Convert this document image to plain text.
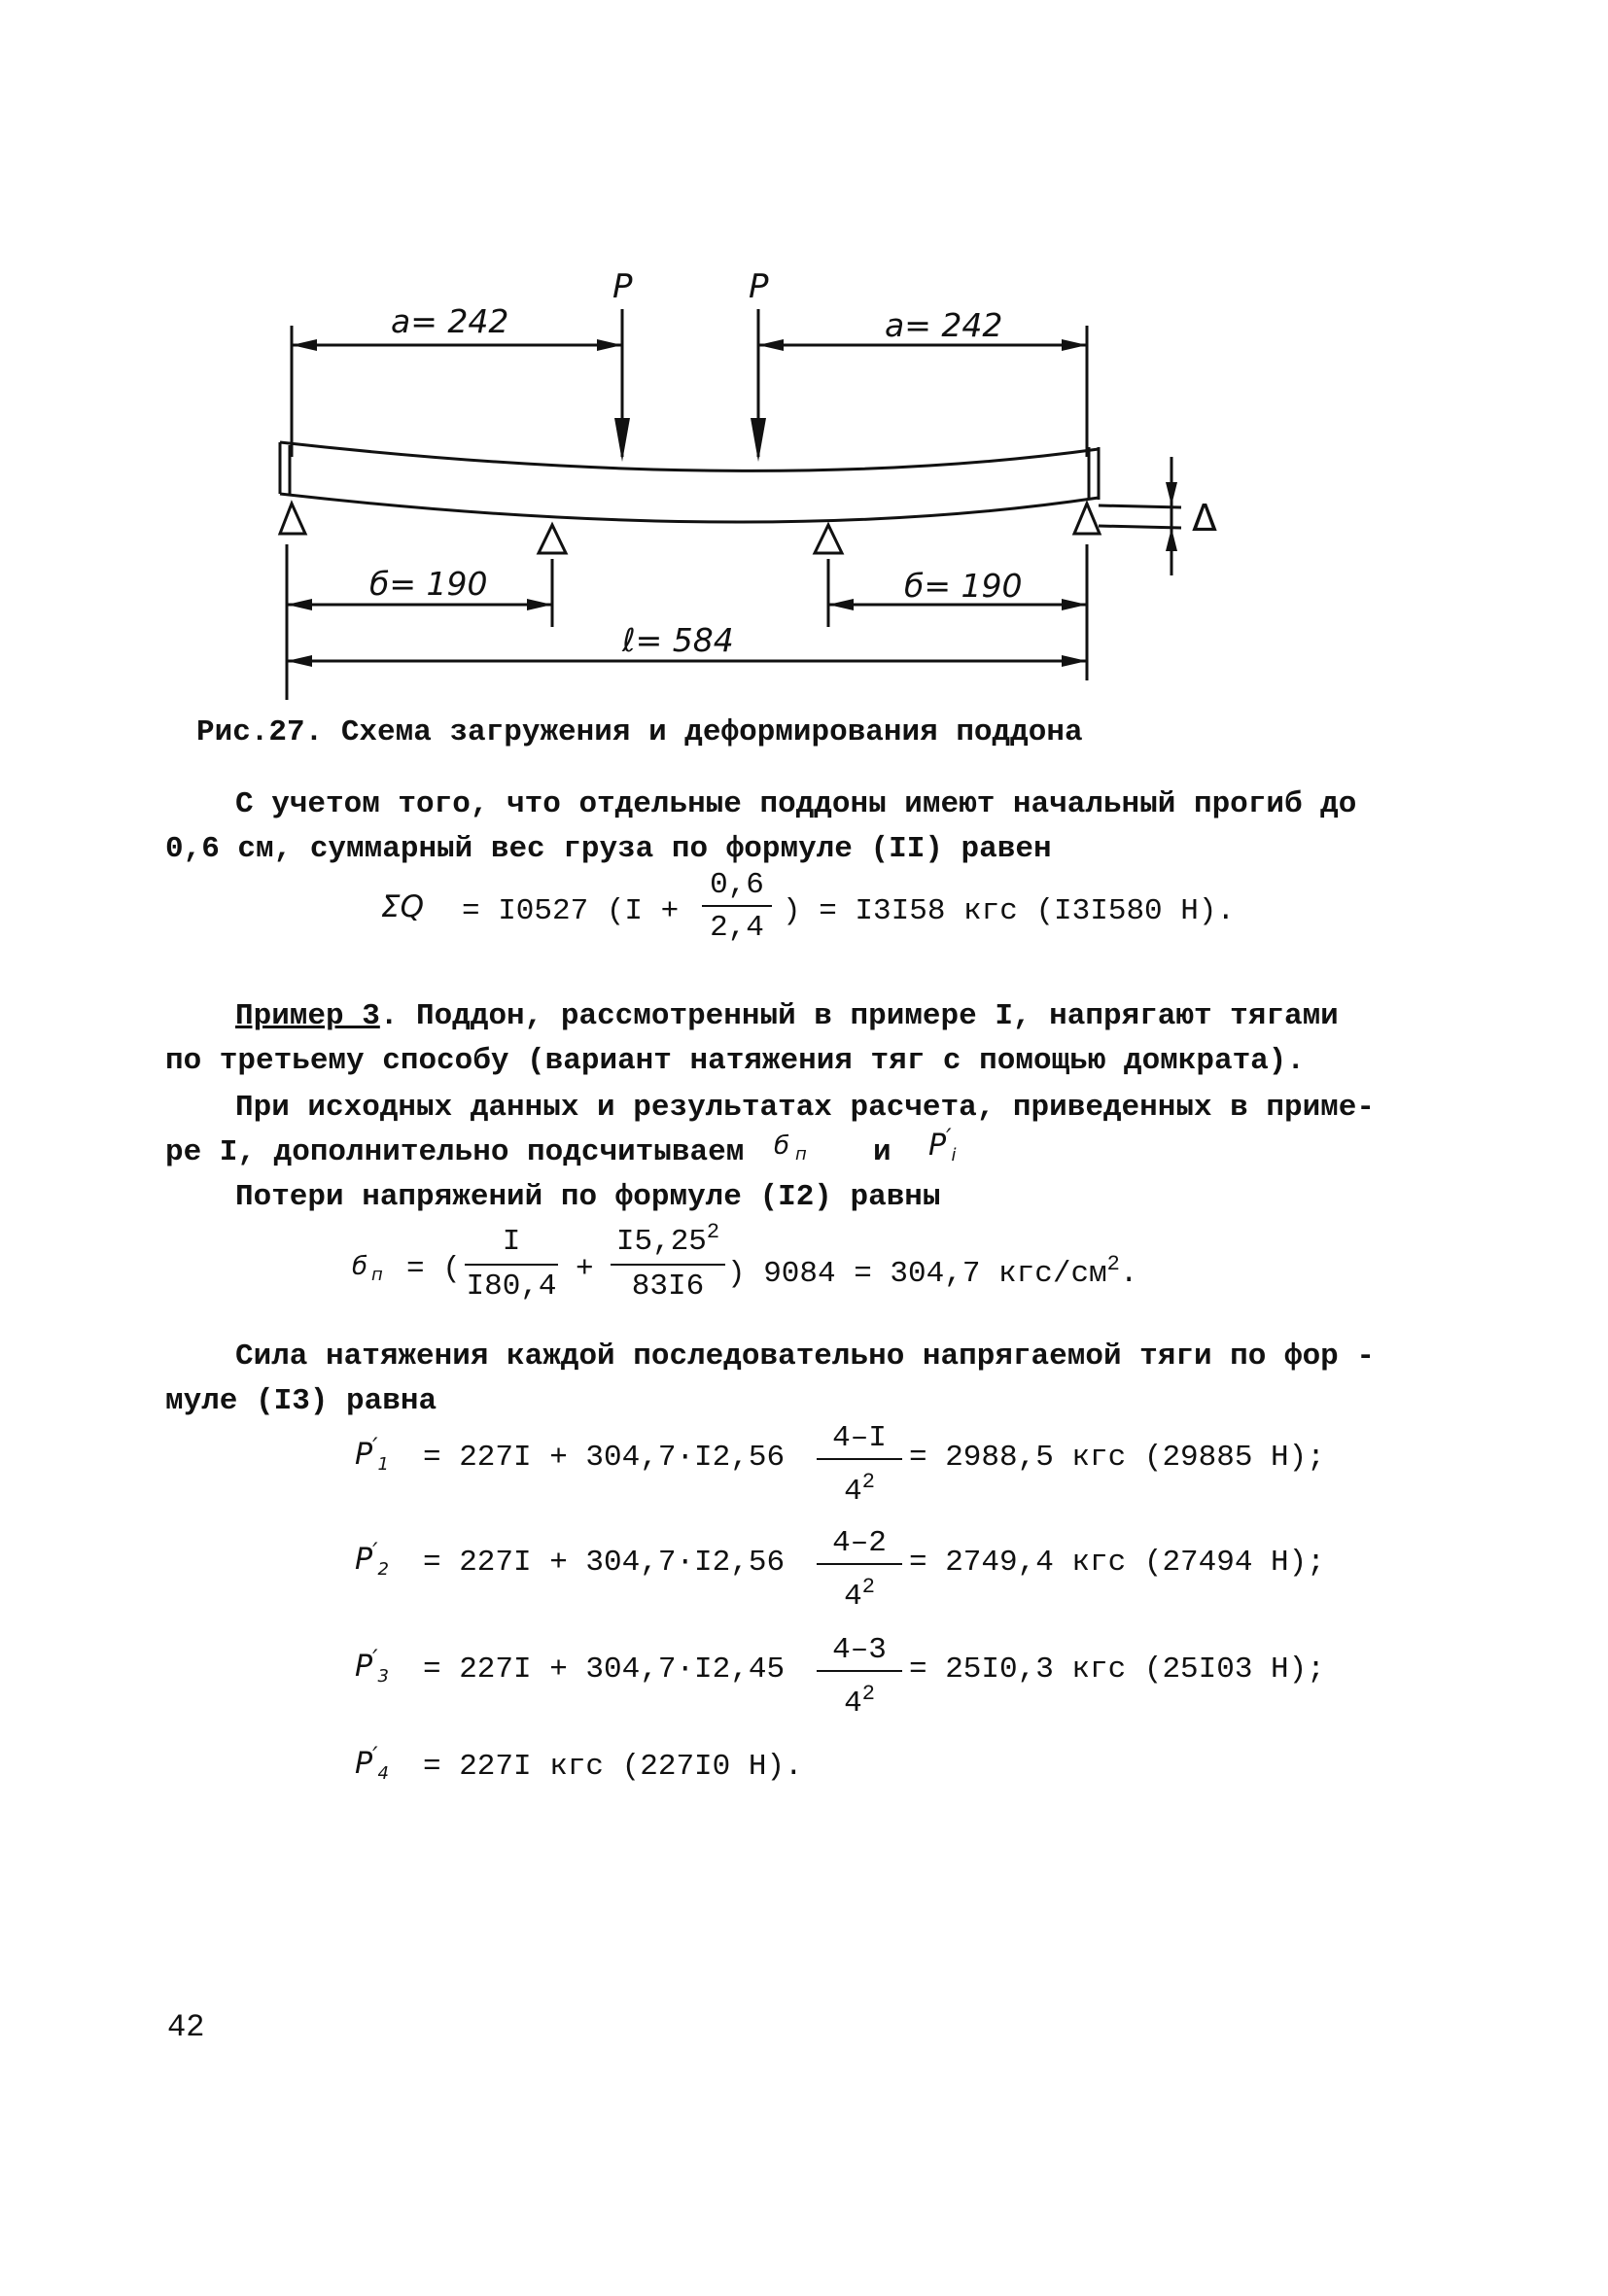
P	P
a= 242	a= 242
б= 190	б= 190
ℓ= 584
Δ
Рис.27. Схема загружения и деформирования поддона
С учетом того, что отдельные поддоны имеют начальный прогиб до
0,6 см, суммарный вес груза по формуле (II) равен
ΣQ = I0527 (I +
0,6
2,4 ) = I3I58 кгс (I3I580 Н).
Пример 3. Поддон, рассмотренный в примере I, напрягают тягами
по третьему способу (вариант натяжения тяг с помощью домкрата).
При исходных данных и результатах расчета, приведенных в приме-
ре I, дополнительно подсчитываем б $_п$ и $P'_i$
Потери напряжений по формуле (I2) равны
б $_п$ = (
I
I80,4
+
$I5,25^2$
83I6 ) 9084 = 304,7 кгс/$см^2$.
Сила натяжения каждой последовательно напрягаемой тяги по фор -
муле (I3) равна
$P'_1 = 227I + 304,7\cdot I2,56$
4–I
$4^2$
= 2988,5 кгс (29885 Н);
$P'_2 = 227I + 304,7\cdot I2,56$
4–2
$4^2$
= 2749,4 кгс (27494 Н);
$P'_3 = 227I + 304,7\cdot I2,45$
4–3
$4^2$
= 25I0,3 кгс (25I03 Н);
$P'_4 = 227I$ кгс (227I0 Н).
42
